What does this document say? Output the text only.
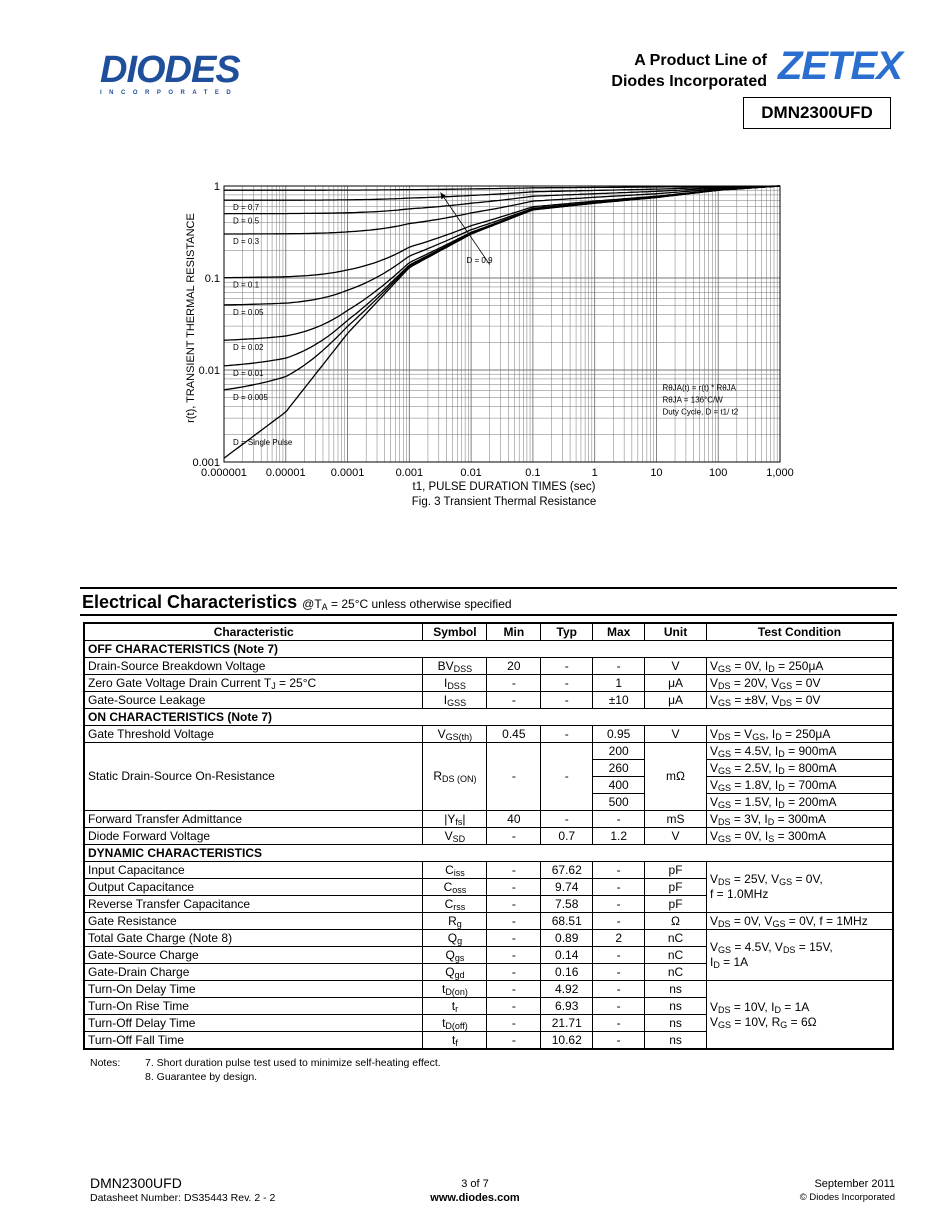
DIODES
INCORPORATED
A Product Line of
Diodes Incorporated ZETEX
DMN2300UFD
0.000001 0.00001 0.0001	0.001	0.01	0.1	1	10	100	1,000
0.001
0.01
0.1
1
D = 0.7
D = 0.5
D = 0.3
D = 0.1
D = 0.05
D = 0.02
D = 0.01
D = 0.005
D = Single Pulse
D = 0.9
RθJA(t) = r(t) * RθJA
RθJA = 136°C/W
Duty Cycle, D = t1/ t2
r(t), TRANSIENT THERMAL RESISTANCE
t1, PULSE DURATION TIMES (sec)
Fig. 3 Transient Thermal Resistance
Electrical Characteristics $@T_A = 25^\circ C$ unless otherwise specified
Characteristic	Symbol	Min	Typ	Max	Unit	Test Condition
OFF CHARACTERISTICS (Note 7)						
Drain-Source Breakdown Voltage	$BV_{DSS}$	20	-	-	V	$V_{GS} = 0V$, $I_D = 250\mu A$
Zero Gate Voltage Drain Current $T_J = 25^\circ C$	$I_{DSS}$	-	-	1	μA	$V_{DS} = 20V$, $V_{GS} = 0V$
Gate-Source Leakage	$I_{GSS}$	-	-	±10	μA	$V_{GS} = \pm 8V$, $V_{DS} = 0V$
ON CHARACTERISTICS (Note 7)						
Gate Threshold Voltage	$V_{GS(th)}$	0.45	-	0.95	V	$V_{DS} = V_{GS}$, $I_D = 250\mu A$
Static Drain-Source On-Resistance	$R_{DS (ON)}$	-	-	200	mΩ	$V_{GS} = 4.5V$, $I_D = 900mA$
				260		$V_{GS} = 2.5V$, $I_D = 800mA$
				400		$V_{GS} = 1.8V$, $I_D = 700mA$
				500		$V_{GS} = 1.5V$, $I_D = 200mA$
Forward Transfer Admittance	$|Y_{fs}|$	40	-	-	mS	$V_{DS} = 3V$, $I_D = 300mA$
Diode Forward Voltage	$V_{SD}$	-	0.7	1.2	V	$V_{GS} = 0V$, $I_S = 300mA$
DYNAMIC CHARACTERISTICS						
Input Capacitance	$C_{iss}$	-	67.62	-	pF	$V_{DS} = 25V$, $V_{GS} = 0V$,
f = 1.0MHz

Output Capacitance	$C_{oss}$	-	9.74	-	pF	
Reverse Transfer Capacitance	$C_{rss}$	-	7.58	-	pF	
Gate Resistance	$R_g$	-	68.51	-	Ω	$V_{DS} = 0V$, $V_{GS} = 0V$, f = 1MHz
Total Gate Charge (Note 8)	$Q_g$	-	0.89	2	nC	$V_{GS} = 4.5V$, $V_{DS} = 15V$,
$I_D = 1A$

Gate-Source Charge	$Q_{gs}$	-	0.14	-	nC	
Gate-Drain Charge	$Q_{gd}$	-	0.16	-	nC	
Turn-On Delay Time	$t_{D(on)}$	-	4.92	-	ns	$V_{DS} = 10V$, $I_D = 1A$
$V_{GS} = 10V$, $R_G = 6\Omega$

Turn-On Rise Time	$t_r$	-	6.93	-	ns	
Turn-Off Delay Time	$t_{D(off)}$	-	21.71	-	ns	
Turn-Off Fall Time	$t_f$	-	10.62	-	ns	
Notes: 7. Short duration pulse test used to minimize self-heating effect.
8. Guarantee by design.
DMN2300UFD
Datasheet Number: DS35443 Rev. 2 - 2
3 of 7
www.diodes.com
September 2011
© Diodes Incorporated
